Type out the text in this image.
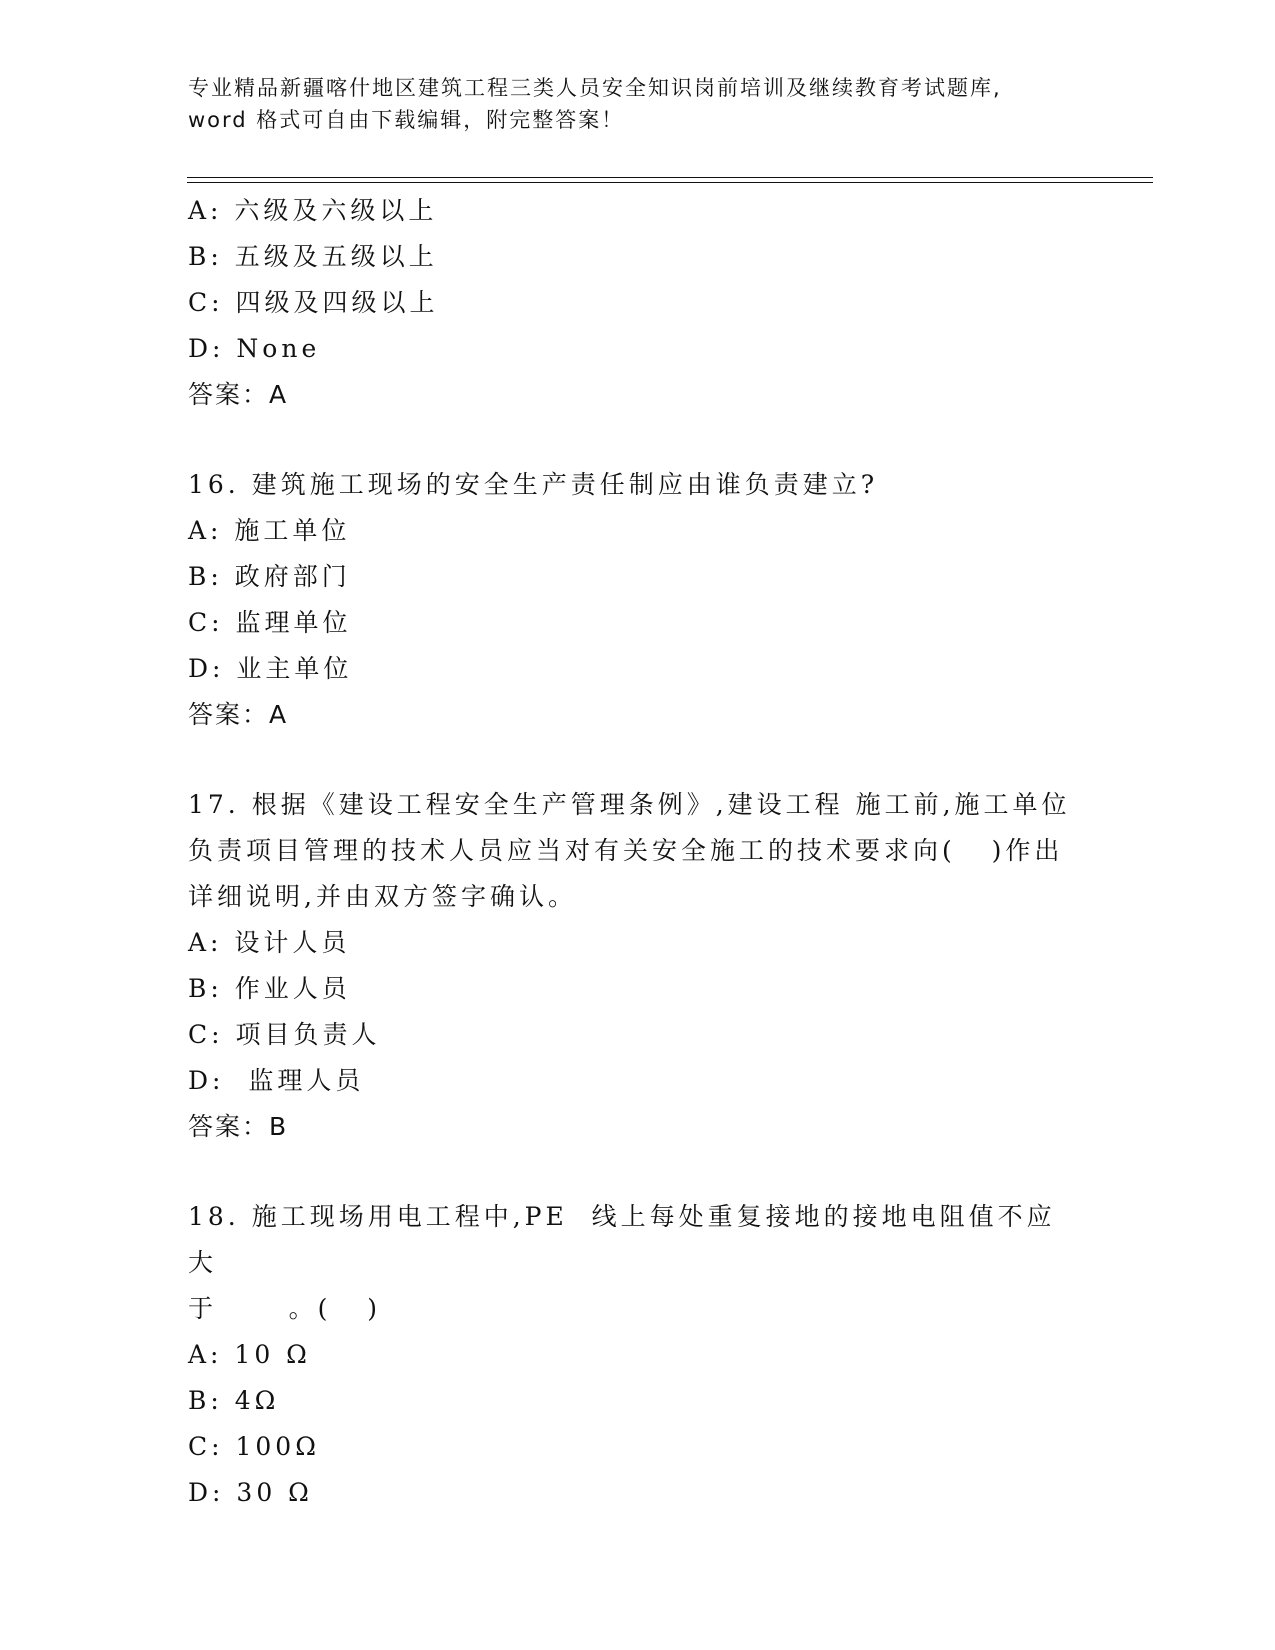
专业精品新疆喀什地区建筑工程三类人员安全知识岗前培训及继续教育考试题库,
word 格式可自由下载编辑，附完整答案！
A: 六级及六级以上
B: 五级及五级以上
C: 四级及四级以上
D: None
答案：A
16. 建筑施工现场的安全生产责任制应由谁负责建立?
A: 施工单位
B: 政府部门
C: 监理单位
D: 业主单位
答案：A
17. 根据《建设工程安全生产管理条例》,建设工程 施工前,施工单位
负责项目管理的技术人员应当对有关安全施工的技术要求向(   )作出
详细说明,并由双方签字确认。
A: 设计人员
B: 作业人员
C: 项目负责人
D:  监理人员
答案：B
18. 施工现场用电工程中,PE  线上每处重复接地的接地电阻值不应大
于      。(   )
A: 10 Ω
B: 4Ω
C: 100Ω
D: 30 Ω
